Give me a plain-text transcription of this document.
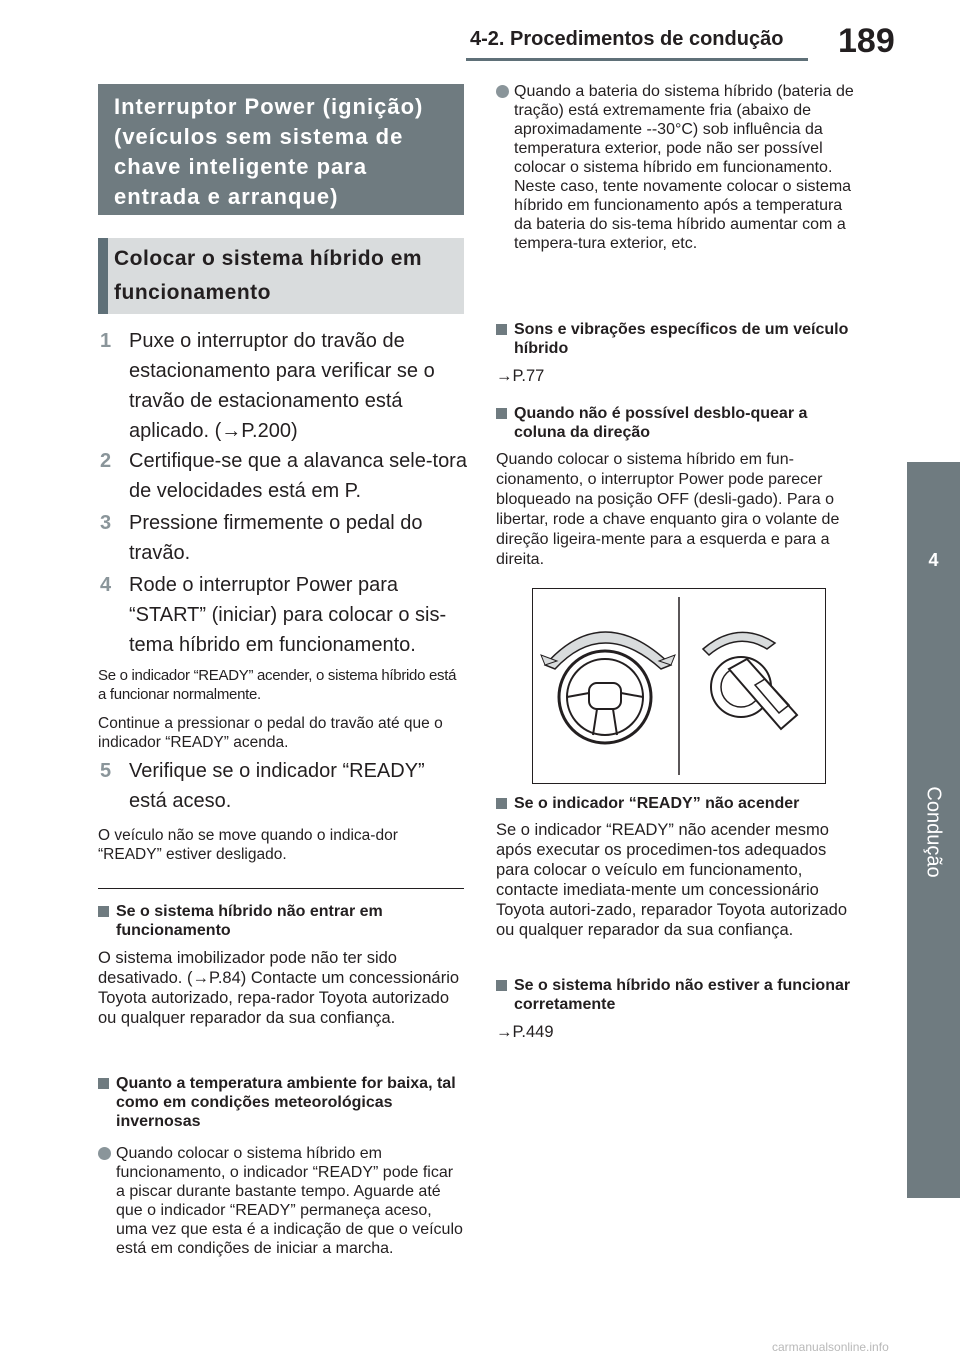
4-2. Procedimentos de condução 189
4
Condução
Interruptor Power (ignição) (veículos sem sistema de chave inteligente para entrada e arranque)
Colocar o sistema híbrido em funcionamento
1 Puxe o interruptor do travão de estacionamento para verificar se o travão de estacionamento está aplicado. (→P.200)
2 Certifique-se que a alavanca sele-tora de velocidades está em P.
3 Pressione firmemente o pedal do travão.
4 Rode o interruptor Power para “START” (iniciar) para colocar o sis-tema híbrido em funcionamento.
Se o indicador “READY” acender, o sistema híbrido está a funcionar normalmente.
Continue a pressionar o pedal do travão até que o indicador “READY” acenda.
5 Verifique se o indicador “READY” está aceso.
O veículo não se move quando o indica-dor “READY” estiver desligado.
Se o sistema híbrido não entrar em funcionamento
O sistema imobilizador pode não ter sido desativado. (→P.84) Contacte um concessionário Toyota autorizado, repa-rador Toyota autorizado ou qualquer reparador da sua confiança.
Quanto a temperatura ambiente for baixa, tal como em condições meteorológicas invernosas
Quando colocar o sistema híbrido em funcionamento, o indicador “READY” pode ficar a piscar durante bastante tempo. Aguarde até que o indicador “READY” permaneça aceso, uma vez que esta é a indicação de que o veículo está em condições de iniciar a marcha.
Quando a bateria do sistema híbrido (bateria de tração) está extremamente fria (abaixo de aproximadamente --30°C) sob influência da temperatura exterior, pode não ser possível colocar o sistema híbrido em funcionamento. Neste caso, tente novamente colocar o sistema híbrido em funcionamento após a temperatura da bateria do sis-tema híbrido aumentar com a tempera-tura exterior, etc.
Sons e vibrações específicos de um veículo híbrido
→P.77
Quando não é possível desblo-quear a coluna da direção
Quando colocar o sistema híbrido em fun-cionamento, o interruptor Power pode parecer bloqueado na posição OFF (desli-gado). Para o libertar, rode a chave enquanto gira o volante de direção ligeira-mente para a esquerda e para a direita.
Se o indicador “READY” não acender
Se o indicador “READY” não acender mesmo após executar os procedimen-tos adequados para colocar o veículo em funcionamento, contacte imediata-mente um concessionário Toyota autori-zado, reparador Toyota autorizado ou qualquer reparador da sua confiança.
Se o sistema híbrido não estiver a funcionar corretamente
→P.449
carmanualsonline.info
